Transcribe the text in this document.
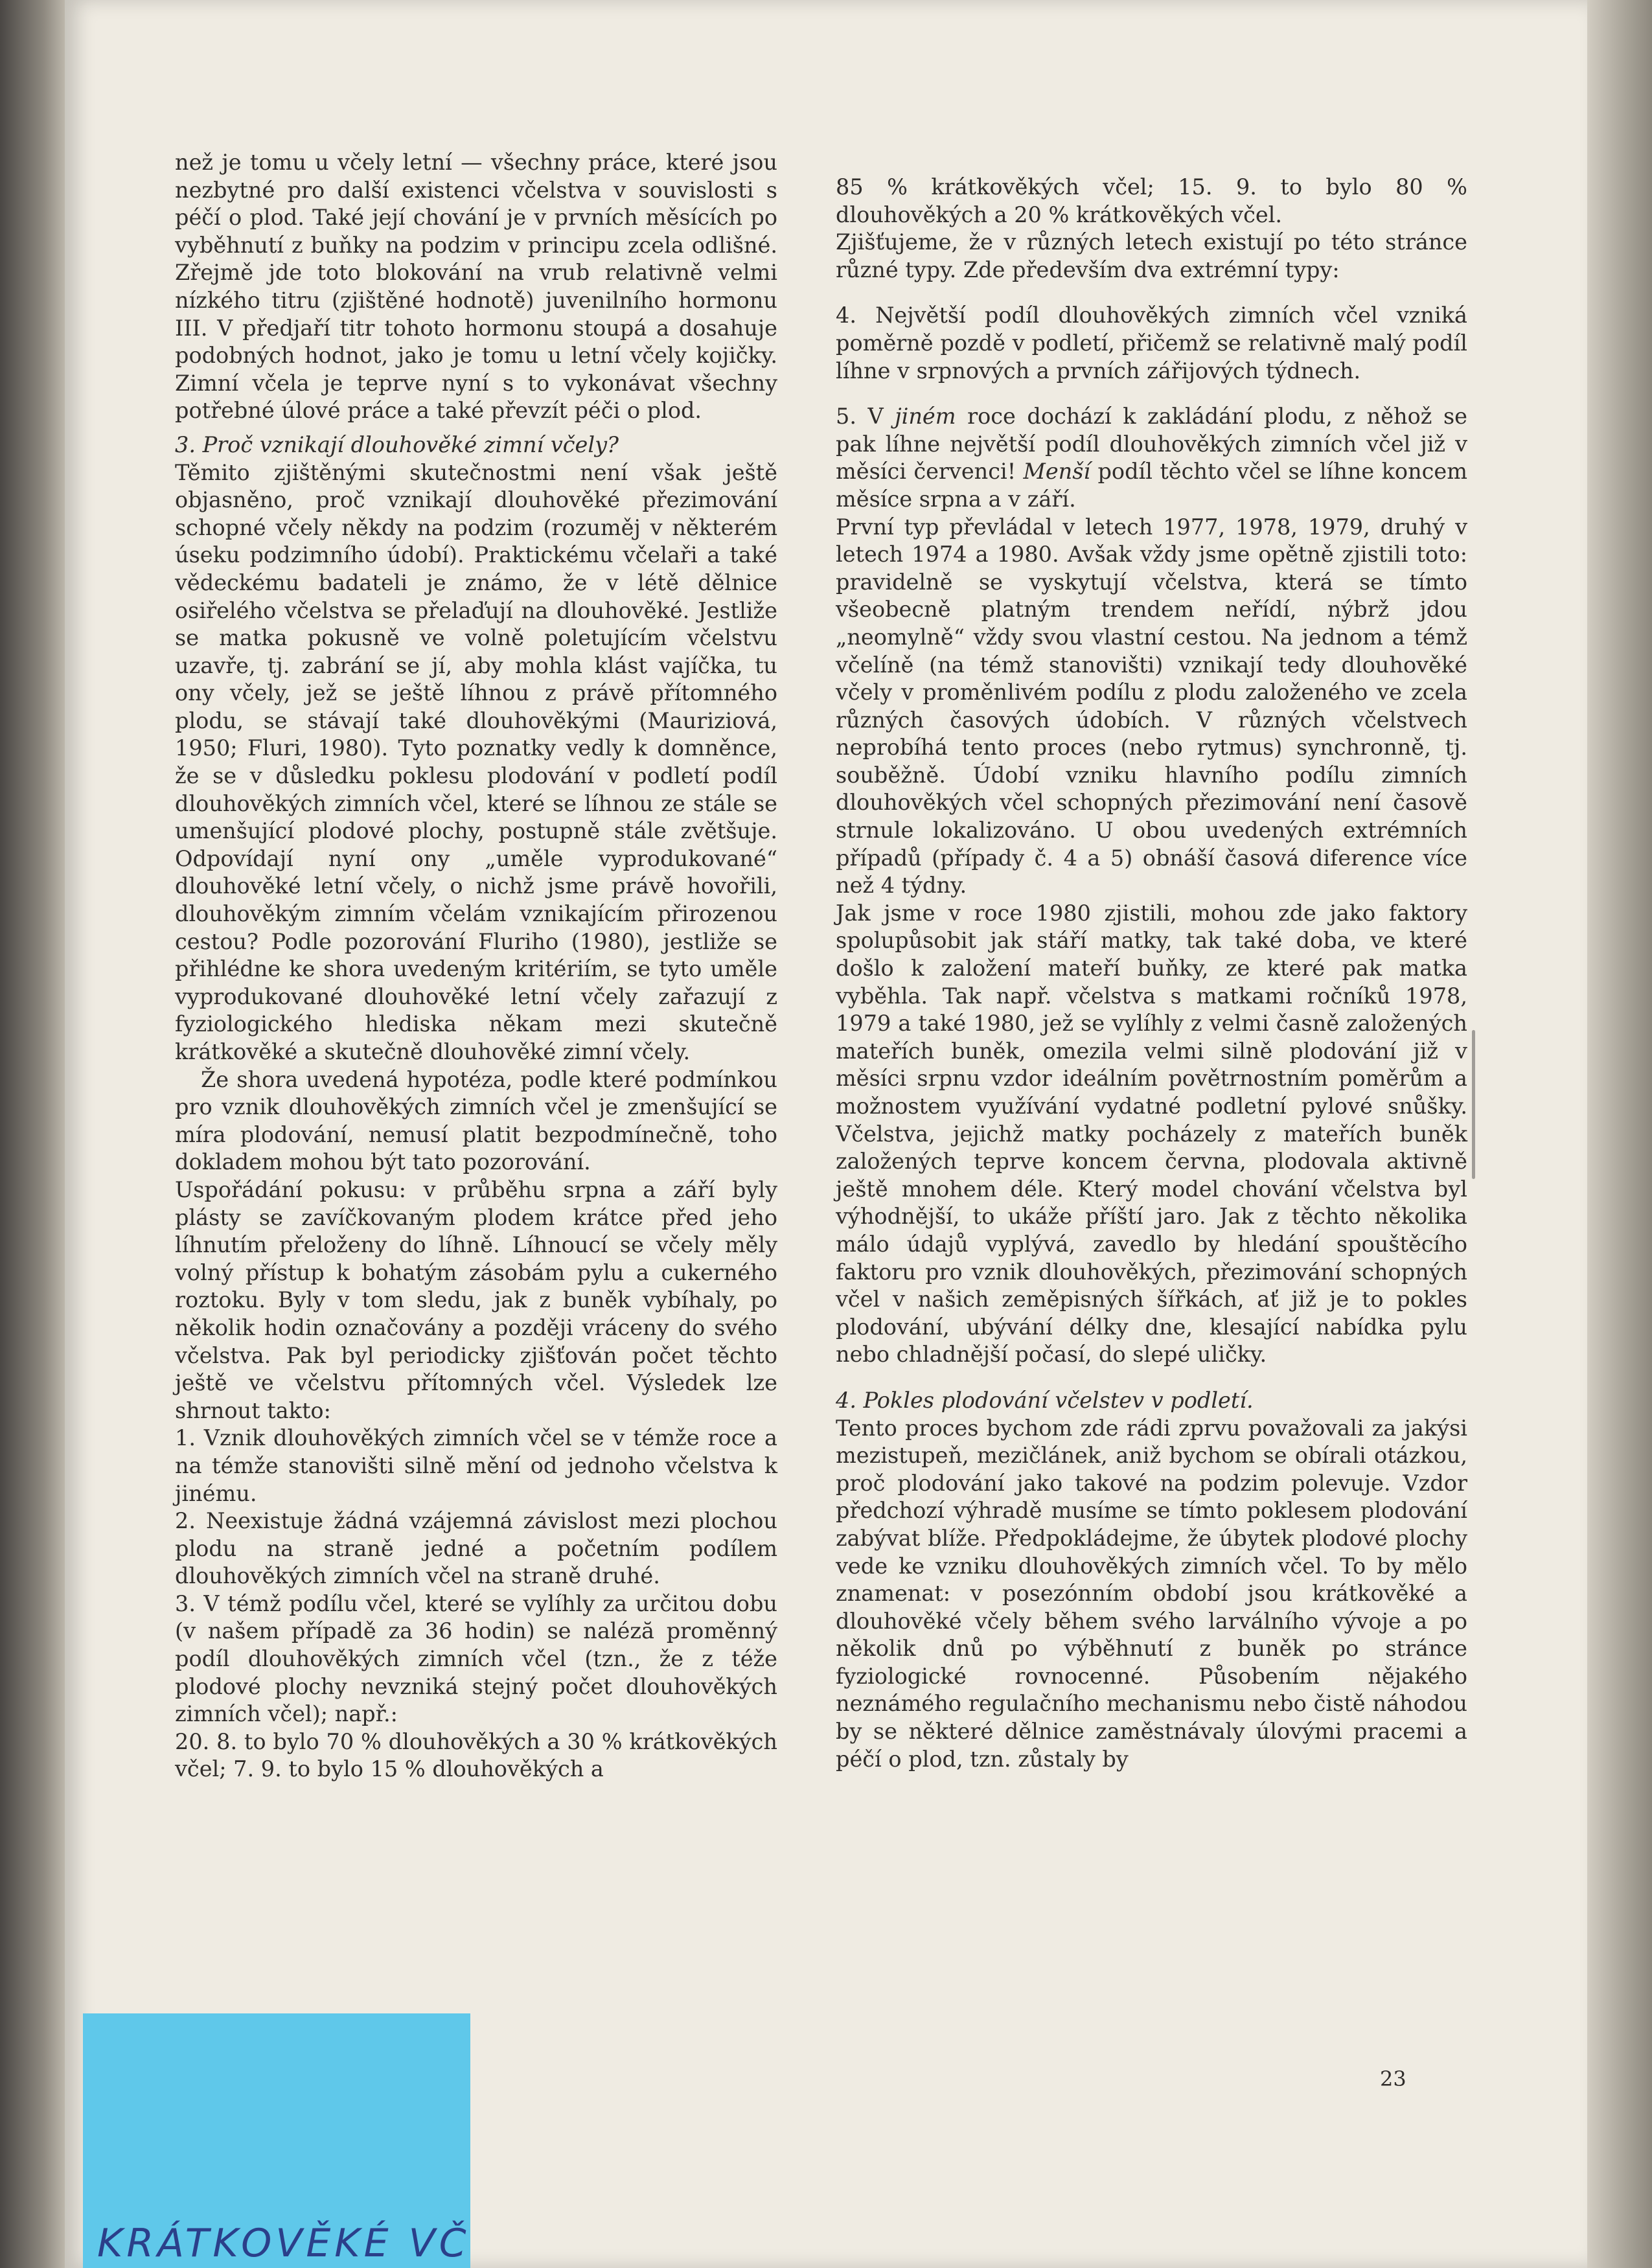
než je tomu u včely letní — všechny práce, které jsou nezbytné pro další existenci včelstva v souvislosti s péčí o plod. Také její chování je v prvních měsících po vyběhnutí z buňky na podzim v principu zcela odlišné. Zřejmě jde toto blokování na vrub relativně velmi nízkého titru (zjištěné hodnotě) juvenilního hormonu III. V předjaří titr tohoto hormonu stoupá a dosahuje podobných hodnot, jako je tomu u letní včely kojičky. Zimní včela je teprve nyní s to vykonávat všechny potřebné úlové práce a také převzít péči o plod.

3. Proč vznikají dlouhověké zimní včely?

Těmito zjištěnými skutečnostmi není však ještě objasněno, proč vznikají dlouhověké přezimování schopné včely někdy na podzim (rozuměj v některém úseku podzimního údobí). Praktickému včelaři a také vědeckému badateli je známo, že v létě dělnice osiřelého včelstva se přelaďují na dlouhověké. Jestliže se matka pokusně ve volně poletujícím včelstvu uzavře, tj. zabrání se jí, aby mohla klást vajíčka, tu ony včely, jež se ještě líhnou z právě přítomného plodu, se stávají také dlouhověkými (Mauriziová, 1950; Fluri, 1980). Tyto poznatky vedly k domněnce, že se v důsledku poklesu plodování v podletí podíl dlouhověkých zimních včel, které se líhnou ze stále se umenšující plodové plochy, postupně stále zvětšuje. Odpovídají nyní ony „uměle vyprodukované“ dlouhověké letní včely, o nichž jsme právě hovořili, dlouhověkým zimním včelám vznikajícím přirozenou cestou? Podle pozorování Fluriho (1980), jestliže se přihlédne ke shora uvedeným kritériím, se tyto uměle vyprodukované dlouhověké letní včely zařazují z fyziologického hlediska někam mezi skutečně krátkověké a skutečně dlouhověké zimní včely.

Že shora uvedená hypotéza, podle které podmínkou pro vznik dlouhověkých zimních včel je zmenšující se míra plodování, nemusí platit bezpodmínečně, toho dokladem mohou být tato pozorování.

Uspořádání pokusu: v průběhu srpna a září byly plásty se zavíčkovaným plodem krátce před jeho líhnutím přeloženy do líhně. Líhnoucí se včely měly volný přístup k bohatým zásobám pylu a cukerného roztoku. Byly v tom sledu, jak z buněk vybíhaly, po několik hodin označovány a později vráceny do svého včelstva. Pak byl periodicky zjišťován počet těchto ještě ve včelstvu přítomných včel. Výsledek lze shrnout takto:

1. Vznik dlouhověkých zimních včel se v témže roce a na témže stanovišti silně mění od jednoho včelstva k jinému.

2. Neexistuje žádná vzájemná závislost mezi plochou plodu na straně jedné a početním podílem dlouhověkých zimních včel na straně druhé.

3. V témž podílu včel, které se vylíhly za určitou dobu (v našem případě za 36 hodin) se naléză proměnný podíl dlouhověkých zimních včel (tzn., že z téže plodové plochy nevzniká stejný počet dlouhověkých zimních včel); např.:

20. 8. to bylo 70 % dlouhověkých a 30 % krátkověkých včel; 7. 9. to bylo 15 % dlouhověkých a

85 % krátkověkých včel; 15. 9. to bylo 80 % dlouhověkých a 20 % krátkověkých včel.

Zjišťujeme, že v různých letech existují po této stránce různé typy. Zde především dva extrémní typy:

4. Největší podíl dlouhověkých zimních včel vzniká poměrně pozdě v podletí, přičemž se relativně malý podíl líhne v srpnových a prvních zářijových týdnech.

5. V jiném roce dochází k zakládání plodu, z něhož se pak líhne největší podíl dlouhověkých zimních včel již v měsíci červenci! Menší podíl těchto včel se líhne koncem měsíce srpna a v září.

První typ převládal v letech 1977, 1978, 1979, druhý v letech 1974 a 1980. Avšak vždy jsme opětně zjistili toto: pravidelně se vyskytují včelstva, která se tímto všeobecně platným trendem neřídí, nýbrž jdou „neomylně“ vždy svou vlastní cestou. Na jednom a témž včelíně (na témž stanovišti) vznikají tedy dlouhověké včely v proměnlivém podílu z plodu založeného ve zcela různých časových údobích. V různých včelstvech neprobíhá tento proces (nebo rytmus) synchronně, tj. souběžně. Údobí vzniku hlavního podílu zimních dlouhověkých včel schopných přezimování není časově strnule lokalizováno. U obou uvedených extrémních případů (případy č. 4 a 5) obnáší časová diference více než 4 týdny.

Jak jsme v roce 1980 zjistili, mohou zde jako faktory spolupůsobit jak stáří matky, tak také doba, ve které došlo k založení mateří buňky, ze které pak matka vyběhla. Tak např. včelstva s matkami ročníků 1978, 1979 a také 1980, jež se vylíhly z velmi časně založených mateřích buněk, omezila velmi silně plodování již v měsíci srpnu vzdor ideálním povětrnostním poměrům a možnostem využívání vydatné podletní pylové snůšky. Včelstva, jejichž matky pocházely z mateřích buněk založených teprve koncem června, plodovala aktivně ještě mnohem déle. Který model chování včelstva byl výhodnější, to ukáže příští jaro. Jak z těchto několika málo údajů vyplývá, zavedlo by hledání spouštěcího faktoru pro vznik dlouhověkých, přezimování schopných včel v našich zeměpisných šířkách, ať již je to pokles plodování, ubývání délky dne, klesající nabídka pylu nebo chladnější počasí, do slepé uličky.

4. Pokles plodování včelstev v podletí.

Tento proces bychom zde rádi zprvu považovali za jakýsi mezistupeň, mezičlánek, aniž bychom se obírali otázkou, proč plodování jako takové na podzim polevuje. Vzdor předchozí výhradě musíme se tímto poklesem plodování zabývat blíže. Předpokládejme, že úbytek plodové plochy vede ke vzniku dlouhověkých zimních včel. To by mělo znamenat: v posezónním období jsou krátkověké a dlouhověké včely během svého larválního vývoje a po několik dnů po výběhnutí z buněk po stránce fyziologické rovnocenné. Působením nějakého neznámého regulačního mechanismu nebo čistě náhodou by se některé dělnice zaměstnávaly úlovými pracemi a péčí o plod, tzn. zůstaly by

23
KRÁTKOVĚKÉ VČ
